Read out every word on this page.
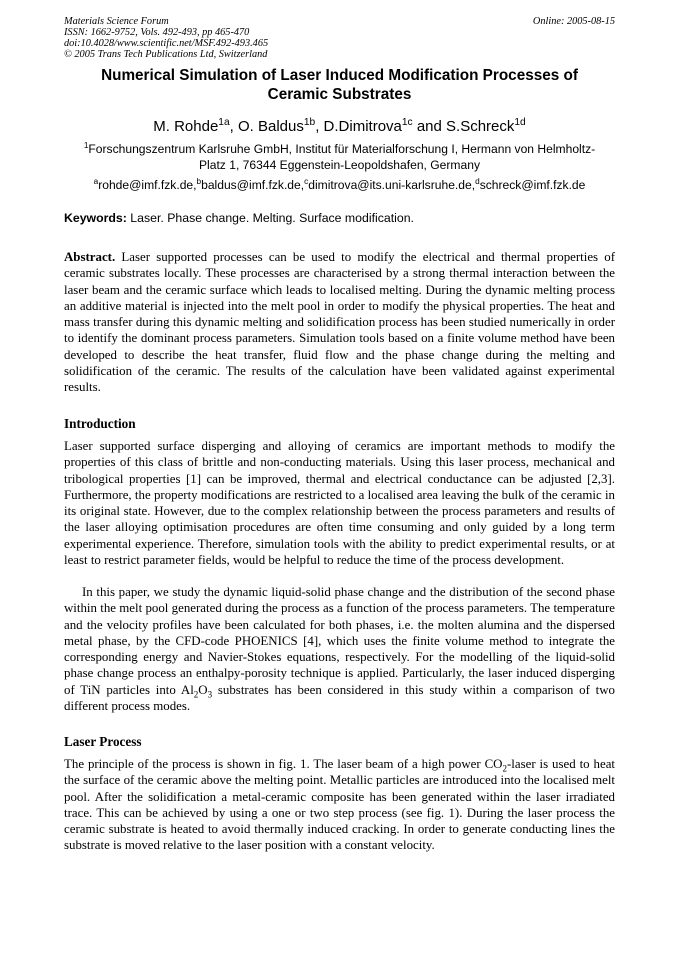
Materials Science Forum
ISSN: 1662-9752, Vols. 492-493, pp 465-470
doi:10.4028/www.scientific.net/MSF.492-493.465
© 2005 Trans Tech Publications Ltd, Switzerland
Online: 2005-08-15
Numerical Simulation of Laser Induced Modification Processes of
Ceramic Substrates
M. Rohde$^{1a}$, O. Baldus$^{1b}$, D.Dimitrova$^{1c}$ and S.Schreck$^{1d}$
$^1$Forschungszentrum Karlsruhe GmbH, Institut für Materialforschung I, Hermann von Helmholtz-
Platz 1, 76344 Eggenstein-Leopoldshafen, Germany
$^a$rohde@imf.fzk.de,$^b$baldus@imf.fzk.de,$^c$dimitrova@its.uni-karlsruhe.de,$^d$schreck@imf.fzk.de
Keywords: Laser. Phase change. Melting. Surface modification.

Abstract. Laser supported processes can be used to modify the electrical and thermal properties of ceramic substrates locally. These processes are characterised by a strong thermal interaction between the laser beam and the ceramic surface which leads to localised melting. During the dynamic melting process an additive material is injected into the melt pool in order to modify the physical properties. The heat and mass transfer during this dynamic melting and solidification process has been studied numerically in order to identify the dominant process parameters. Simulation tools based on a finite volume method have been developed to describe the heat transfer, fluid flow and the phase change during the melting and solidification of the ceramic. The results of the calculation have been validated against experimental results.

Introduction

Laser supported surface disperging and alloying of ceramics are important methods to modify the properties of this class of brittle and non-conducting materials. Using this laser process, mechanical and tribological properties [1] can be improved, thermal and electrical conductance can be adjusted [2,3]. Furthermore, the property modifications are restricted to a localised area leaving the bulk of the ceramic in its original state. However, due to the complex relationship between the process parameters and results of the laser alloying optimisation procedures are often time consuming and only guided by a long term experimental experience. Therefore, simulation tools with the ability to predict experimental results, or at least to restrict parameter fields, would be helpful to reduce the time of the process development.

In this paper, we study the dynamic liquid-solid phase change and the distribution of the second phase within the melt pool generated during the process as a function of the process parameters. The temperature and the velocity profiles have been calculated for both phases, i.e. the molten alumina and the dispersed metal phase, by the CFD-code PHOENICS [4], which uses the finite volume method to integrate the corresponding energy and Navier-Stokes equations, respectively. For the modelling of the liquid-solid phase change process an enthalpy-porosity technique is applied. Particularly, the laser induced disperging of TiN particles into $Al_2O_3$ substrates has been considered in this study within a comparison of two different process modes.

Laser Process

The principle of the process is shown in fig. 1. The laser beam of a high power $CO_2$-laser is used to heat the surface of the ceramic above the melting point. Metallic particles are introduced into the localised melt pool. After the solidification a metal-ceramic composite has been generated within the laser irradiated trace. This can be achieved by using a one or two step process (see fig. 1). During the laser process the ceramic substrate is heated to avoid thermally induced cracking. In order to generate conducting lines the substrate is moved relative to the laser position with a constant velocity.
